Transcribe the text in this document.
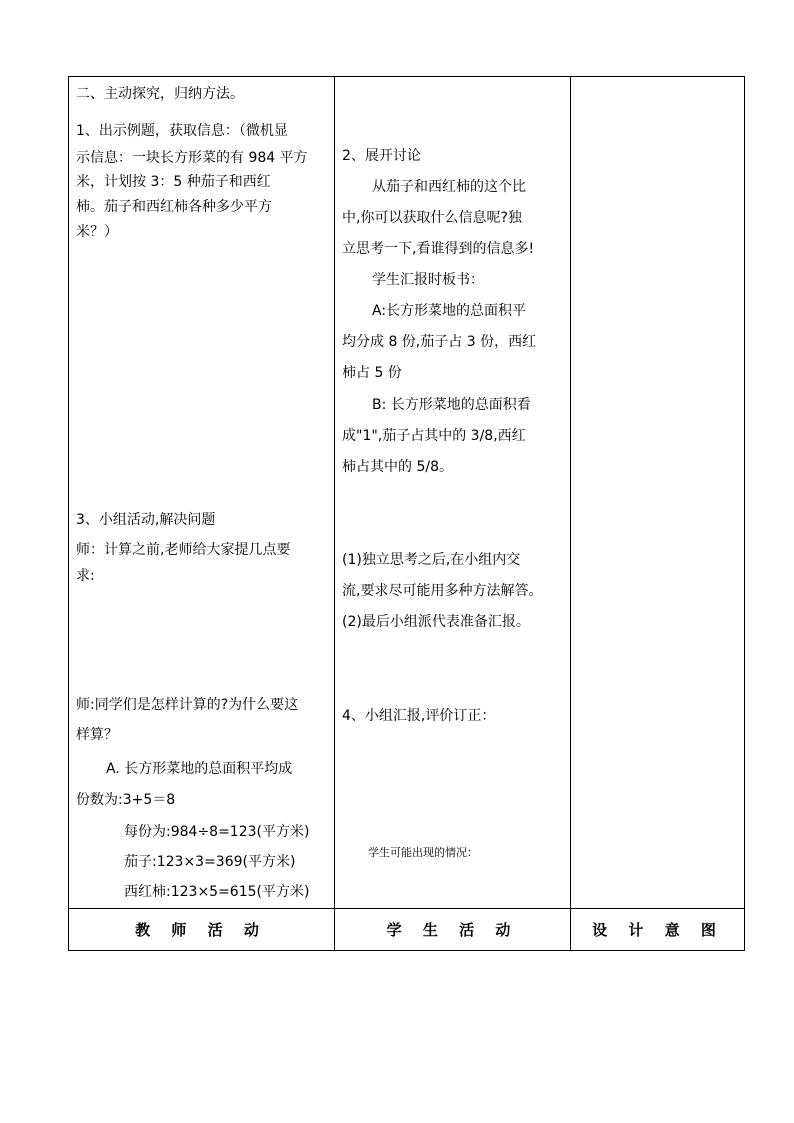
二、主动探究，归纳方法。
1、出示例题，获取信息：（微机显
示信息：一块长方形菜的有 984 平方
米，计划按 3：5 种茄子和西红
柿。茄子和西红柿各种多少平方
米？）
3、小组活动,解决问题
师：计算之前,老师给大家提几点要
求:
师:同学们是怎样计算的?为什么要这
样算？
A. 长方形菜地的总面积平均成
份数为:3+5＝8
每份为:984÷8=123(平方米)
茄子:123×3=369(平方米)
西红柿:123×5=615(平方米)
2、展开讨论
从茄子和西红柿的这个比
中,你可以获取什么信息呢?独
立思考一下,看谁得到的信息多!
学生汇报时板书：
A:长方形菜地的总面积平
均分成 8 份,茄子占 3 份，西红
柿占 5 份
B: 长方形菜地的总面积看
成"1",茄子占其中的 3/8,西红
柿占其中的 5/8。
(1)独立思考之后,在小组内交
流,要求尽可能用多种方法解答。
(2)最后小组派代表准备汇报。
4、小组汇报,评价订正：
学生可能出现的情况：
教 师 活 动	学 生 活 动	设 计 意 图
